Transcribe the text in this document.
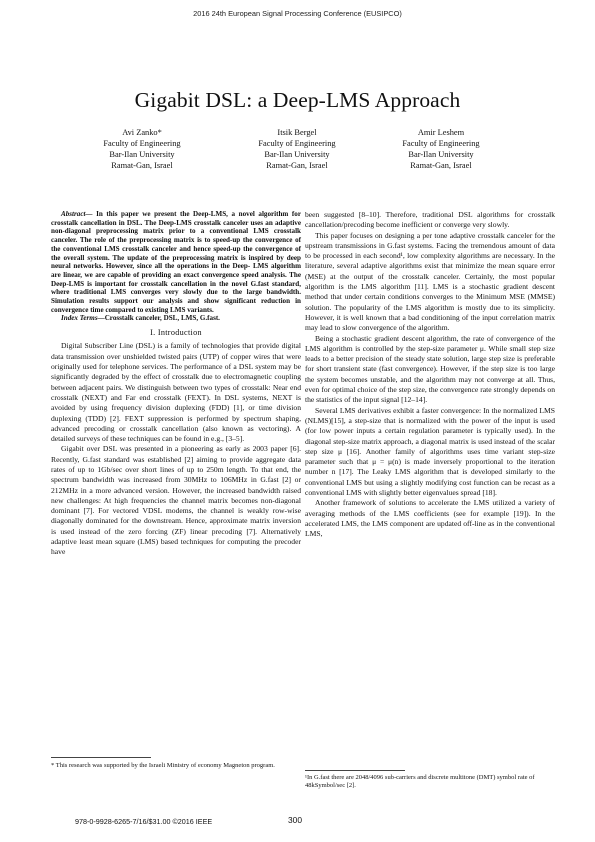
2016 24th European Signal Processing Conference (EUSIPCO)
Gigabit DSL: a Deep-LMS Approach
Avi Zanko*
Faculty of Engineering
Bar-Ilan University
Ramat-Gan, Israel
Itsik Bergel
Faculty of Engineering
Bar-Ilan University
Ramat-Gan, Israel
Amir Leshem
Faculty of Engineering
Bar-Ilan University
Ramat-Gan, Israel

Abstract— In this paper we present the Deep-LMS, a novel algorithm for crosstalk cancellation in DSL. The Deep-LMS crosstalk canceler uses an adaptive non-diagonal preprocessing matrix prior to a conventional LMS crosstalk canceler. The role of the preprocessing matrix is to speed-up the convergence of the conventional LMS crosstalk canceler and hence speed-up the convergence of the overall system. The update of the preprocessing matrix is inspired by deep neural networks. However, since all the operations in the Deep- LMS algorithm are linear, we are capable of providing an exact convergence speed analysis. The Deep-LMS is important for crosstalk cancellation in the novel G.fast standard, where traditional LMS converges very slowly due to the large bandwidth. Simulation results support our analysis and show significant reduction in convergence time compared to existing LMS variants.

Index Terms—Crosstalk canceler, DSL, LMS, G.fast.

I. Introduction

Digital Subscriber Line (DSL) is a family of technologies that provide digital data transmission over unshielded twisted pairs (UTP) of copper wires that were originally used for telephone services. The performance of a DSL system may be significantly degraded by the effect of crosstalk due to electromagnetic coupling between adjacent pairs. We distinguish between two types of crosstalk: Near end crosstalk (NEXT) and Far end crosstalk (FEXT). In DSL systems, NEXT is avoided by using frequency division duplexing (FDD) [1], or time division duplexing (TDD) [2]. FEXT suppression is performed by spectrum shaping, advanced precoding or crosstalk cancellation (also known as vectoring). A detailed surveys of these techniques can be found in e.g., [3–5].

Gigabit over DSL was presented in a pioneering as early as 2003 paper [6]. Recently, G.fast standard was established [2] aiming to provide aggregate data rates of up to 1Gb/sec over short lines of up to 250m length. To that end, the spectrum bandwidth was increased from 30MHz to 106MHz in G.fast [2] or 212MHz in a more advanced version. However, the increased bandwidth raised new challenges: At high frequencies the channel matrix becomes non-diagonal dominant [7]. For vectored VDSL modems, the channel is weakly row-wise diagonally dominated for the downstream. Hence, approximate matrix inversion is used instead of the zero forcing (ZF) linear precoding [7]. Alternatively adaptive least mean square (LMS) based techniques for computing the precoder have

been suggested [8–10]. Therefore, traditional DSL algorithms for crosstalk cancellation/precoding become inefficient or converge very slowly.

This paper focuses on designing a per tone adaptive crosstalk canceler for the upstream transmissions in G.fast systems. Facing the tremendous amount of data to be processed in each second¹, low complexity algorithms are necessary. In the literature, several adaptive algorithms exist that minimize the mean square error (MSE) at the output of the crosstalk canceler. Certainly, the most popular algorithm is the LMS algorithm [11]. LMS is a stochastic gradient descent method that under certain conditions converges to the Minimum MSE (MMSE) solution. The popularity of the LMS algorithm is mostly due to its simplicity. However, it is well known that a bad conditioning of the input correlation matrix may lead to slow convergence of the algorithm.

Being a stochastic gradient descent algorithm, the rate of convergence of the LMS algorithm is controlled by the step-size parameter μ. While small step size leads to a better precision of the steady state solution, large step size is preferable for short transient state (fast convergence). However, if the step size is too large the system becomes unstable, and the algorithm may not converge at all. Thus, even for optimal choice of the step size, the convergence rate strongly depends on the statistics of the input signal [12–14].

Several LMS derivatives exhibit a faster convergence: In the normalized LMS (NLMS)[15], a step-size that is normalized with the power of the input is used (for low power inputs a certain regulation parameter is typically used). In the diagonal step-size matrix approach, a diagonal matrix is used instead of the scalar step size μ [16]. Another family of algorithms uses time variant step-size parameter such that μ = μ(n) is made inversely proportional to the iteration number n [17]. The Leaky LMS algorithm that is developed similarly to the conventional LMS but using a slightly modifying cost function can be recast as a conventional LMS with slightly better eigenvalues spread [18].

Another framework of solutions to accelerate the LMS utilized a variety of averaging methods of the LMS coefficients (see for example [19]). In the accelerated LMS, the LMS component are updated off-line as in the conventional LMS,

* This research was supported by the Israeli Ministry of economy Magneton program.
¹In G.fast there are 2048/4096 sub-carriers and discrete multitone (DMT) symbol rate of 48kSymbol/sec [2].
978-0-9928-6265-7/16/$31.00 ©2016 IEEE	300
